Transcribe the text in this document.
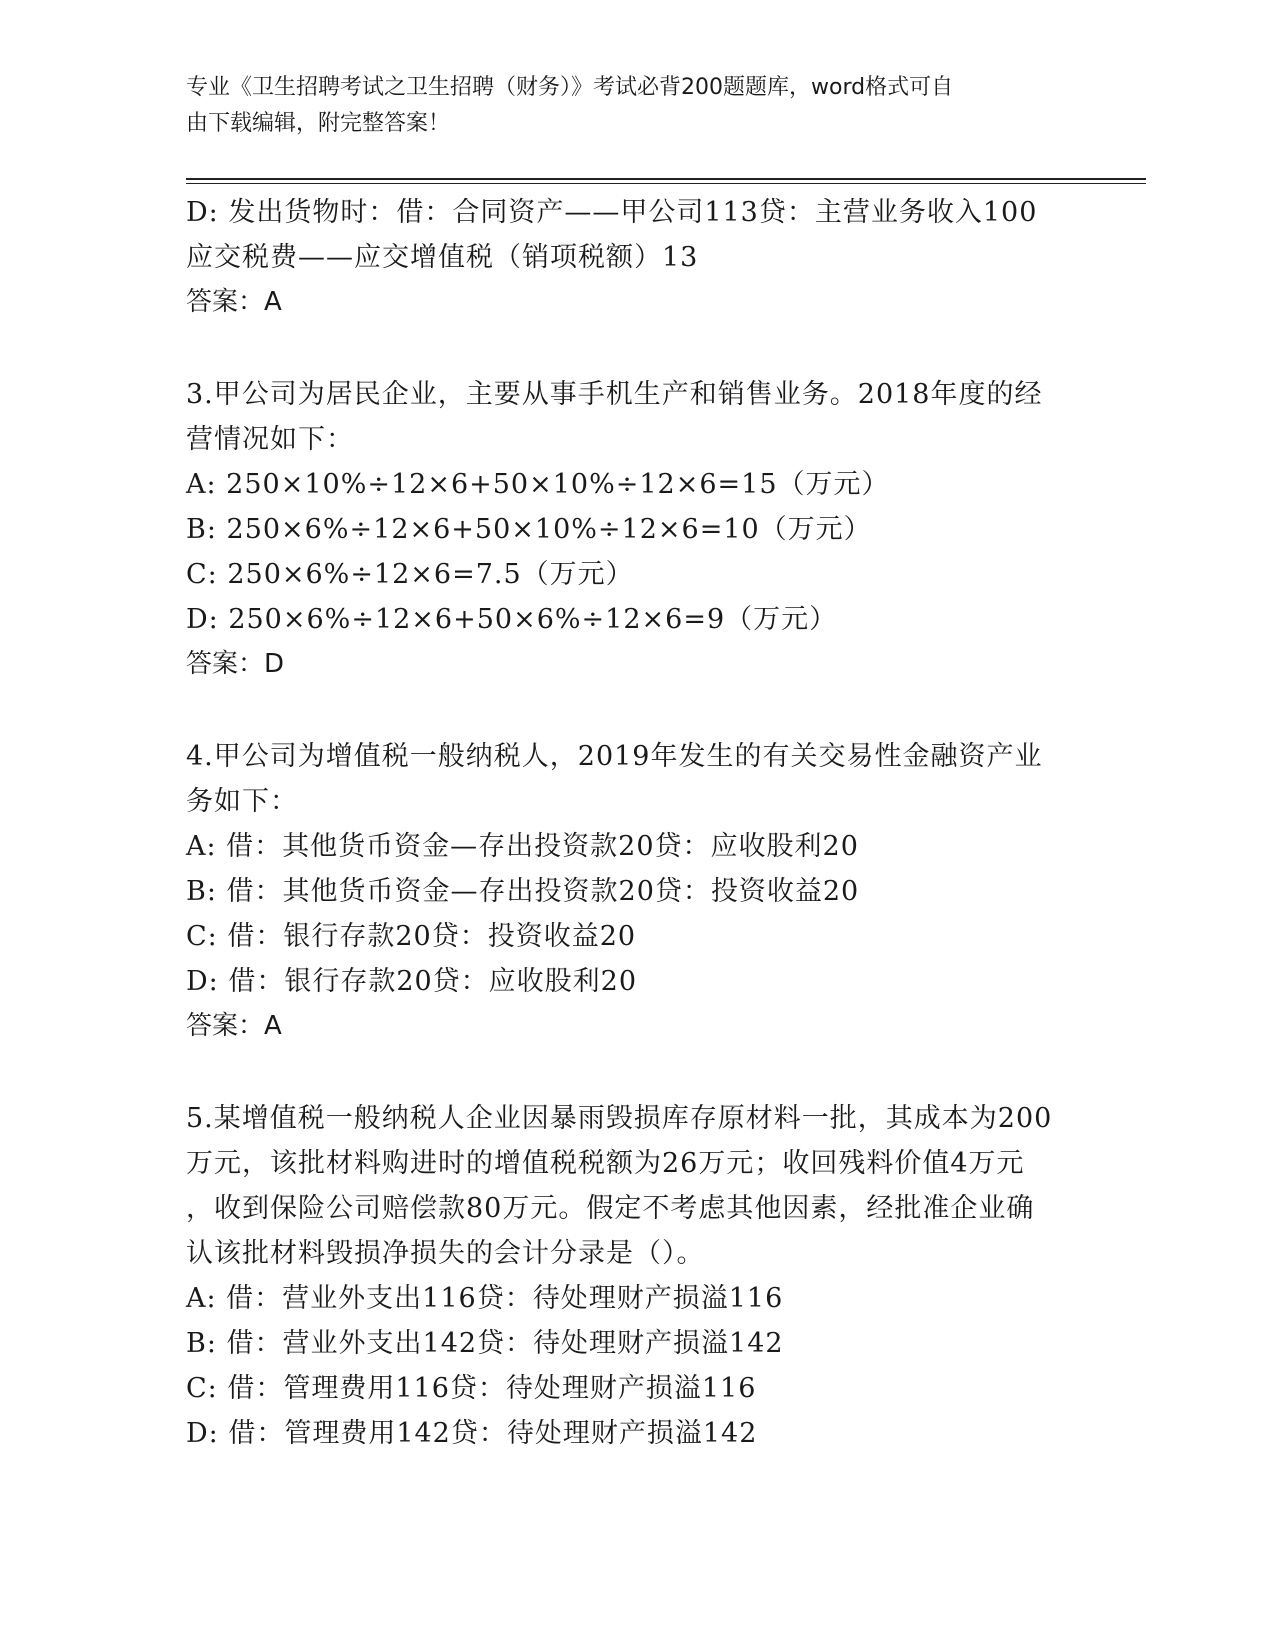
专业《卫生招聘考试之卫生招聘（财务）》考试必背200题题库，word格式可自
由下载编辑，附完整答案！
D: 发出货物时：借：合同资产——甲公司113贷：主营业务收入100
应交税费——应交增值税（销项税额）13
答案：A
3.甲公司为居民企业，主要从事手机生产和销售业务。2018年度的经
营情况如下：
A: 250×10%÷12×6+50×10%÷12×6=15（万元）
B: 250×6%÷12×6+50×10%÷12×6=10（万元）
C: 250×6%÷12×6=7.5（万元）
D: 250×6%÷12×6+50×6%÷12×6=9（万元）
答案：D
4.甲公司为增值税一般纳税人，2019年发生的有关交易性金融资产业
务如下：
A: 借：其他货币资金—存出投资款20贷：应收股利20
B: 借：其他货币资金—存出投资款20贷：投资收益20
C: 借：银行存款20贷：投资收益20
D: 借：银行存款20贷：应收股利20
答案：A
5.某增值税一般纳税人企业因暴雨毁损库存原材料一批，其成本为200
万元，该批材料购进时的增值税税额为26万元；收回残料价值4万元
，收到保险公司赔偿款80万元。假定不考虑其他因素，经批准企业确
认该批材料毁损净损失的会计分录是（）。
A: 借：营业外支出116贷：待处理财产损溢116
B: 借：营业外支出142贷：待处理财产损溢142
C: 借：管理费用116贷：待处理财产损溢116
D: 借：管理费用142贷：待处理财产损溢142
